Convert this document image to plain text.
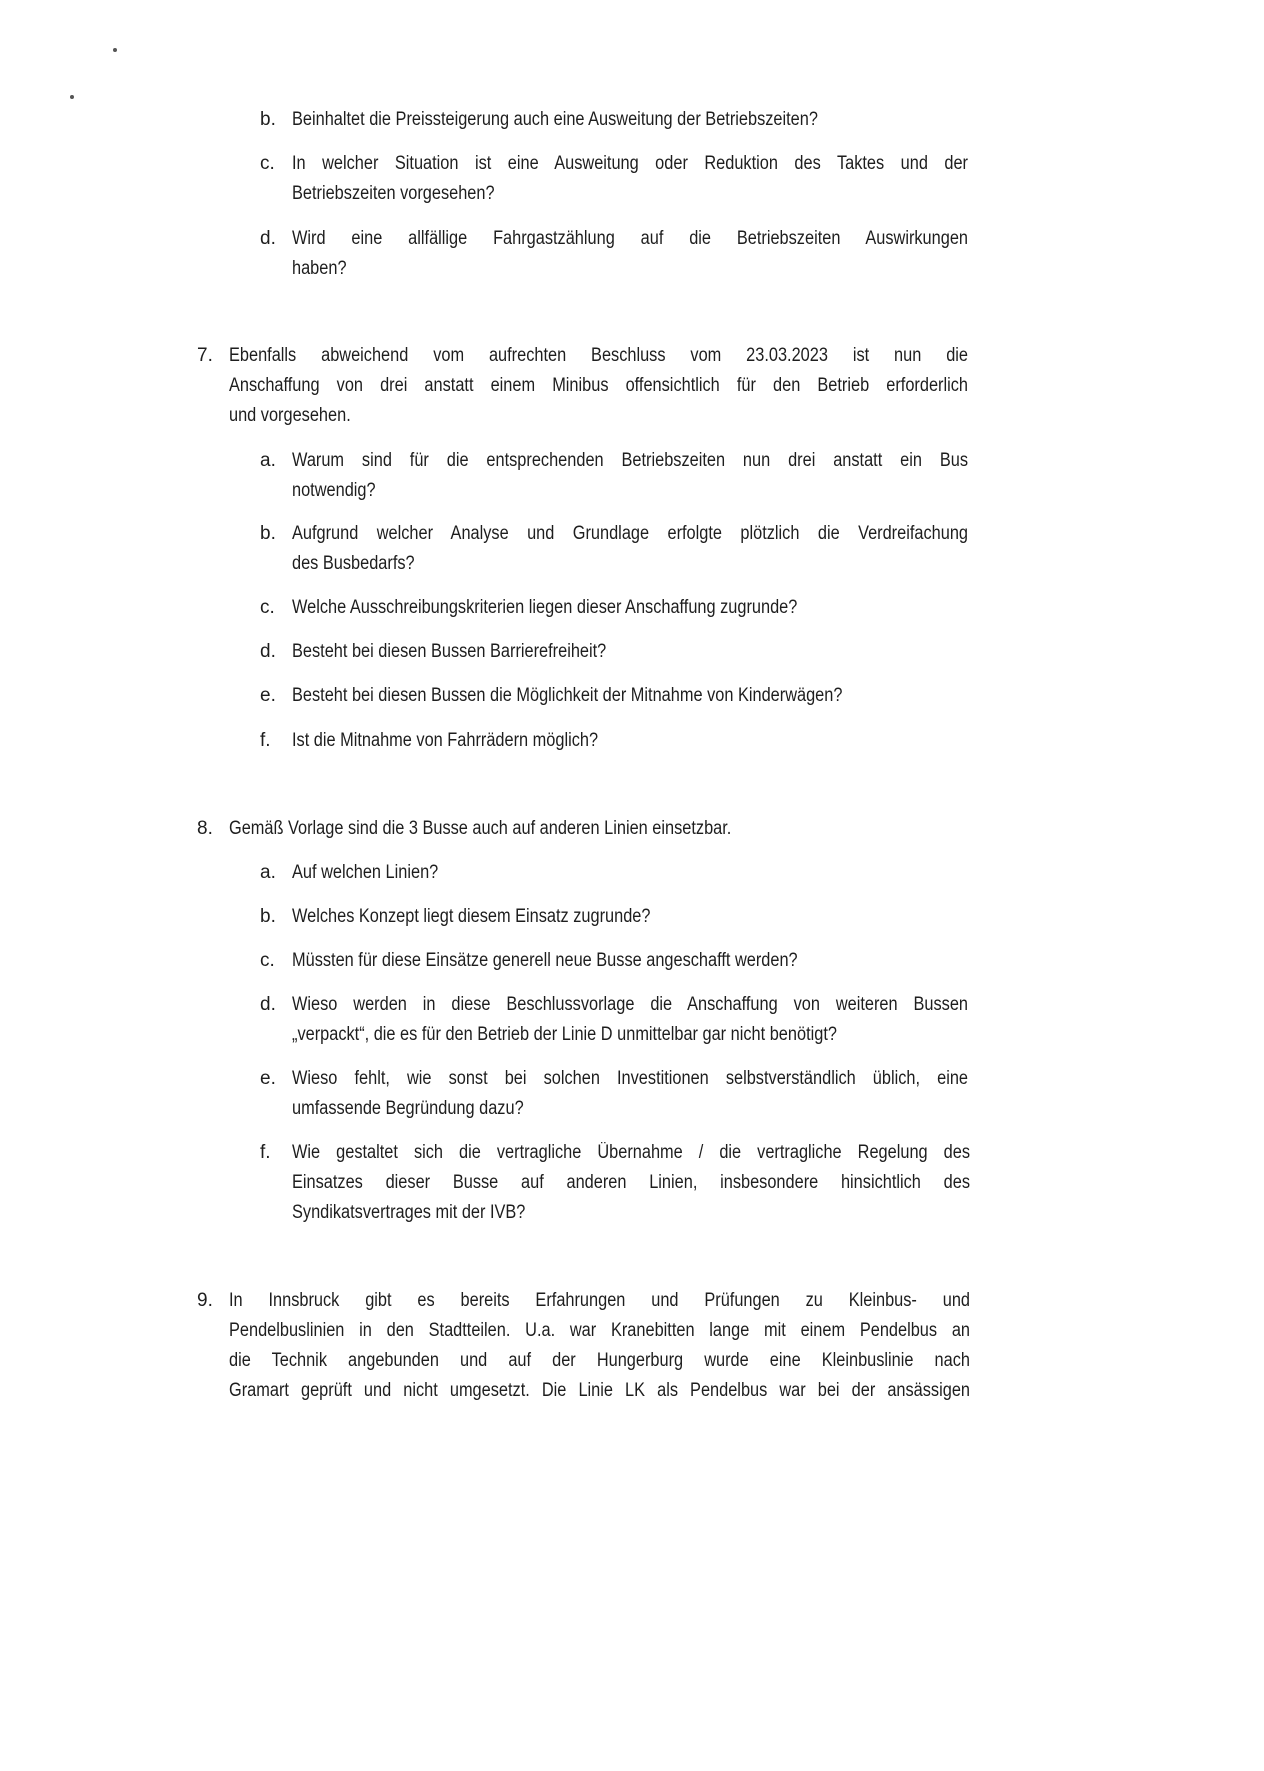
b. Beinhaltet die Preissteigerung auch eine Ausweitung der Betriebszeiten?
c. In welcher Situation ist eine Ausweitung oder Reduktion des Taktes und der
Betriebszeiten vorgesehen?
d. Wird eine allfällige Fahrgastzählung auf die Betriebszeiten Auswirkungen
haben?
7. Ebenfalls abweichend vom aufrechten Beschluss vom 23.03.2023 ist nun die
Anschaffung von drei anstatt einem Minibus offensichtlich für den Betrieb erforderlich
und vorgesehen.
a. Warum sind für die entsprechenden Betriebszeiten nun drei anstatt ein Bus
notwendig?
b. Aufgrund welcher Analyse und Grundlage erfolgte plötzlich die Verdreifachung
des Busbedarfs?
c. Welche Ausschreibungskriterien liegen dieser Anschaffung zugrunde?
d. Besteht bei diesen Bussen Barrierefreiheit?
e. Besteht bei diesen Bussen die Möglichkeit der Mitnahme von Kinderwägen?
f. Ist die Mitnahme von Fahrrädern möglich?
8. Gemäß Vorlage sind die 3 Busse auch auf anderen Linien einsetzbar.
a. Auf welchen Linien?
b. Welches Konzept liegt diesem Einsatz zugrunde?
c. Müssten für diese Einsätze generell neue Busse angeschafft werden?
d. Wieso werden in diese Beschlussvorlage die Anschaffung von weiteren Bussen
„verpackt“, die es für den Betrieb der Linie D unmittelbar gar nicht benötigt?
e. Wieso fehlt, wie sonst bei solchen Investitionen selbstverständlich üblich, eine
umfassende Begründung dazu?
f. Wie gestaltet sich die vertragliche Übernahme / die vertragliche Regelung des
Einsatzes dieser Busse auf anderen Linien, insbesondere hinsichtlich des
Syndikatsvertrages mit der IVB?
9. In Innsbruck gibt es bereits Erfahrungen und Prüfungen zu Kleinbus- und
Pendelbuslinien in den Stadtteilen. U.a. war Kranebitten lange mit einem Pendelbus an
die Technik angebunden und auf der Hungerburg wurde eine Kleinbuslinie nach
Gramart geprüft und nicht umgesetzt. Die Linie LK als Pendelbus war bei der ansässigen
